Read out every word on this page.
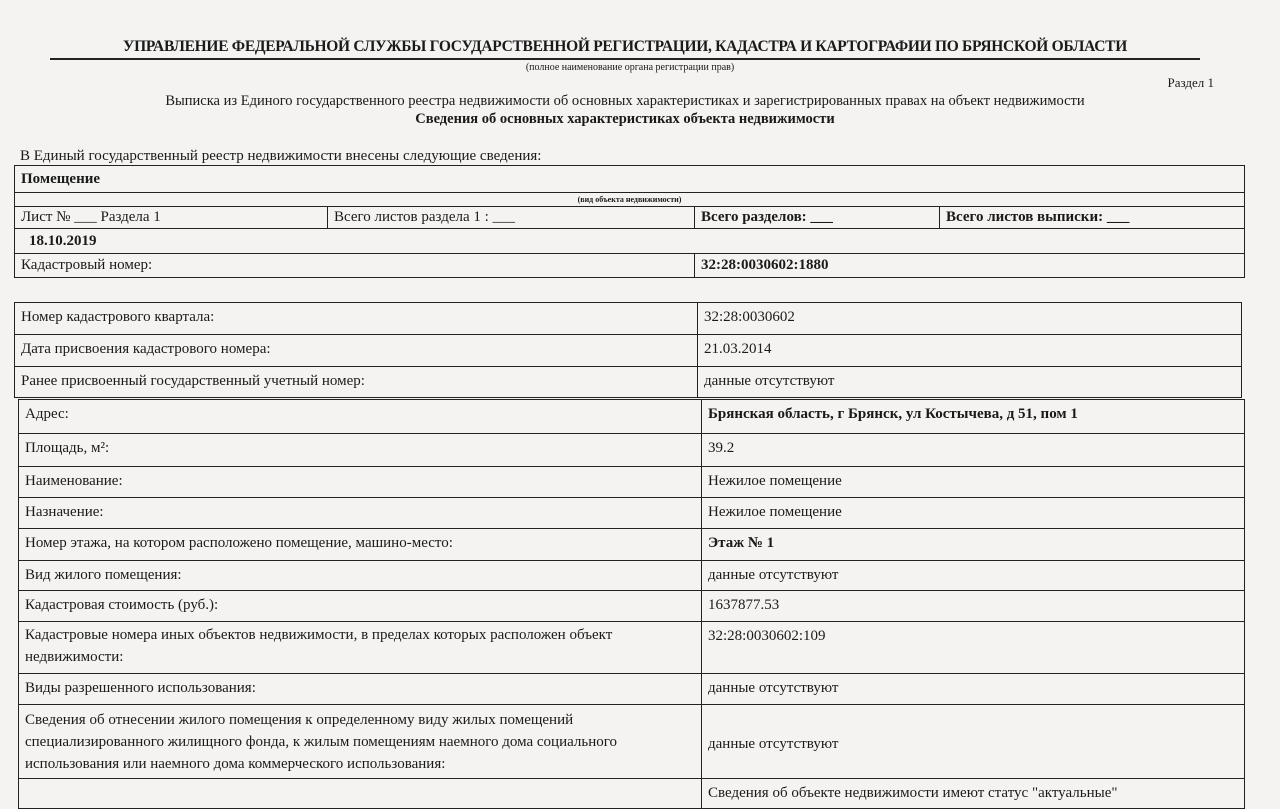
УПРАВЛЕНИЕ ФЕДЕРАЛЬНОЙ СЛУЖБЫ ГОСУДАРСТВЕННОЙ РЕГИСТРАЦИИ, КАДАСТРА И КАРТОГРАФИИ ПО БРЯНСКОЙ ОБЛАСТИ
(полное наименование органа регистрации прав)
Раздел 1
Выписка из Единого государственного реестра недвижимости об основных характеристиках и зарегистрированных правах на объект недвижимости
Сведения об основных характеристиках объекта недвижимости
В Единый государственный реестр недвижимости внесены следующие сведения:
Помещение			
(вид объекта недвижимости)			
Лист № ___ Раздела 1	Всего листов раздела 1 : ___	Всего разделов: ___	Всего листов выписки: ___
18.10.2019			
Кадастровый номер:		32:28:0030602:1880	
Номер кадастрового квартала:	32:28:0030602
Дата присвоения кадастрового номера:	21.03.2014
Ранее присвоенный государственный учетный номер:	данные отсутствуют
Адрес:	Брянская область, г Брянск, ул Костычева, д 51, пом 1
Площадь, м²:	39.2
Наименование:	Нежилое помещение
Назначение:	Нежилое помещение
Номер этажа, на котором расположено помещение, машино-место:	Этаж № 1
Вид жилого помещения:	данные отсутствуют
Кадастровая стоимость (руб.):	1637877.53
Кадастровые номера иных объектов недвижимости, в пределах которых расположен объект недвижимости:	32:28:0030602:109
Виды разрешенного использования:	данные отсутствуют
Сведения об отнесении жилого помещения к определенному виду жилых помещений специализированного жилищного фонда, к жилым помещениям наемного дома социального использования или наемного дома коммерческого использования:	данные отсутствуют
	Сведения об объекте недвижимости имеют статус "актуальные"
